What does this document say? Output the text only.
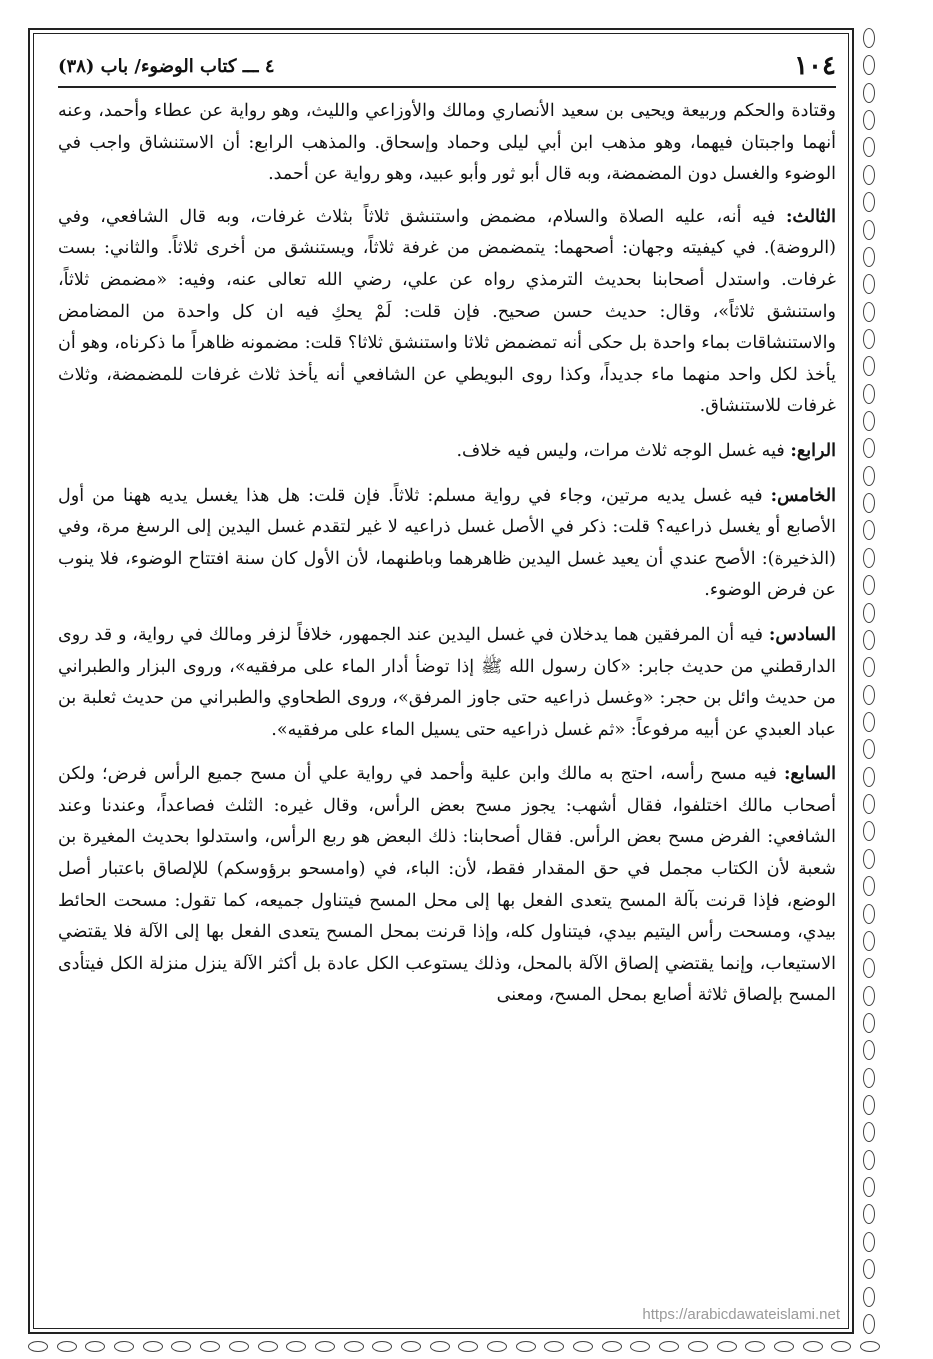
١٠٤
٤ ـــ كتاب الوضوء/ باب (٣٨)

وقتادة والحكم وربيعة ويحيى بن سعيد الأنصاري ومالك والأوزاعي والليث، وهو رواية عن عطاء وأحمد، وعنه أنهما واجبتان فيهما، وهو مذهب ابن أبي ليلى وحماد وإسحاق. والمذهب الرابع: أن الاستنشاق واجب في الوضوء والغسل دون المضمضة، وبه قال أبو ثور وأبو عبيد، وهو رواية عن أحمد.

الثالث: فيه أنه، عليه الصلاة والسلام، مضمض واستنشق ثلاثاً بثلاث غرفات، وبه قال الشافعي، وفي (الروضة). في كيفيته وجهان: أصحهما: يتمضمض من غرفة ثلاثاً، ويستنشق من أخرى ثلاثاً. والثاني: بست غرفات. واستدل أصحابنا بحديث الترمذي رواه عن علي، رضي الله تعالى عنه، وفيه: «مضمض ثلاثاً، واستنشق ثلاثاً»، وقال: حديث حسن صحيح. فإن قلت: لَمْ يحكِ فيه ان كل واحدة من المضامض والاستنشاقات بماء واحدة بل حكى أنه تمضمض ثلاثا واستنشق ثلاثا؟ قلت: مضمونه ظاهراً ما ذكرناه، وهو أن يأخذ لكل واحد منهما ماء جديداً، وكذا روى البويطي عن الشافعي أنه يأخذ ثلاث غرفات للمضمضة، وثلاث غرفات للاستنشاق.

الرابع: فيه غسل الوجه ثلاث مرات، وليس فيه خلاف.

الخامس: فيه غسل يديه مرتين، وجاء في رواية مسلم: ثلاثاً. فإن قلت: هل هذا يغسل يديه ههنا من أول الأصابع أو يغسل ذراعيه؟ قلت: ذكر في الأصل غسل ذراعيه لا غير لتقدم غسل اليدين إلى الرسغ مرة، وفي (الذخيرة): الأصح عندي أن يعيد غسل اليدين ظاهرهما وباطنهما، لأن الأول كان سنة افتتاح الوضوء، فلا ينوب عن فرض الوضوء.

السادس: فيه أن المرفقين هما يدخلان في غسل اليدين عند الجمهور، خلافاً لزفر ومالك في رواية، و قد روى الدارقطني من حديث جابر: «كان رسول الله ﷺ إذا توضأ أدار الماء على مرفقيه»، وروى البزار والطبراني من حديث وائل بن حجر: «وغسل ذراعيه حتى جاوز المرفق»، وروى الطحاوي والطبراني من حديث ثعلبة بن عباد العبدي عن أبيه مرفوعاً: «ثم غسل ذراعيه حتى يسيل الماء على مرفقيه».

السابع: فيه مسح رأسه، احتج به مالك وابن علية وأحمد في رواية علي أن مسح جميع الرأس فرض؛ ولكن أصحاب مالك اختلفوا، فقال أشهب: يجوز مسح بعض الرأس، وقال غيره: الثلث فصاعداً، وعندنا وعند الشافعي: الفرض مسح بعض الرأس. فقال أصحابنا: ذلك البعض هو ربع الرأس، واستدلوا بحديث المغيرة بن شعبة لأن الكتاب مجمل في حق المقدار فقط، لأن: الباء، في (وامسحو برؤوسكم) للإلصاق باعتبار أصل الوضع، فإذا قرنت بآلة المسح يتعدى الفعل بها إلى محل المسح فيتناول جميعه، كما تقول: مسحت الحائط بيدي، ومسحت رأس اليتيم بيدي، فيتناول كله، وإذا قرنت بمحل المسح يتعدى الفعل بها إلى الآلة فلا يقتضي الاستيعاب، وإنما يقتضي إلصاق الآلة بالمحل، وذلك يستوعب الكل عادة بل أكثر الآلة ينزل منزلة الكل فيتأدى المسح بإلصاق ثلاثة أصابع بمحل المسح، ومعنى

https://arabicdawateislami.net
